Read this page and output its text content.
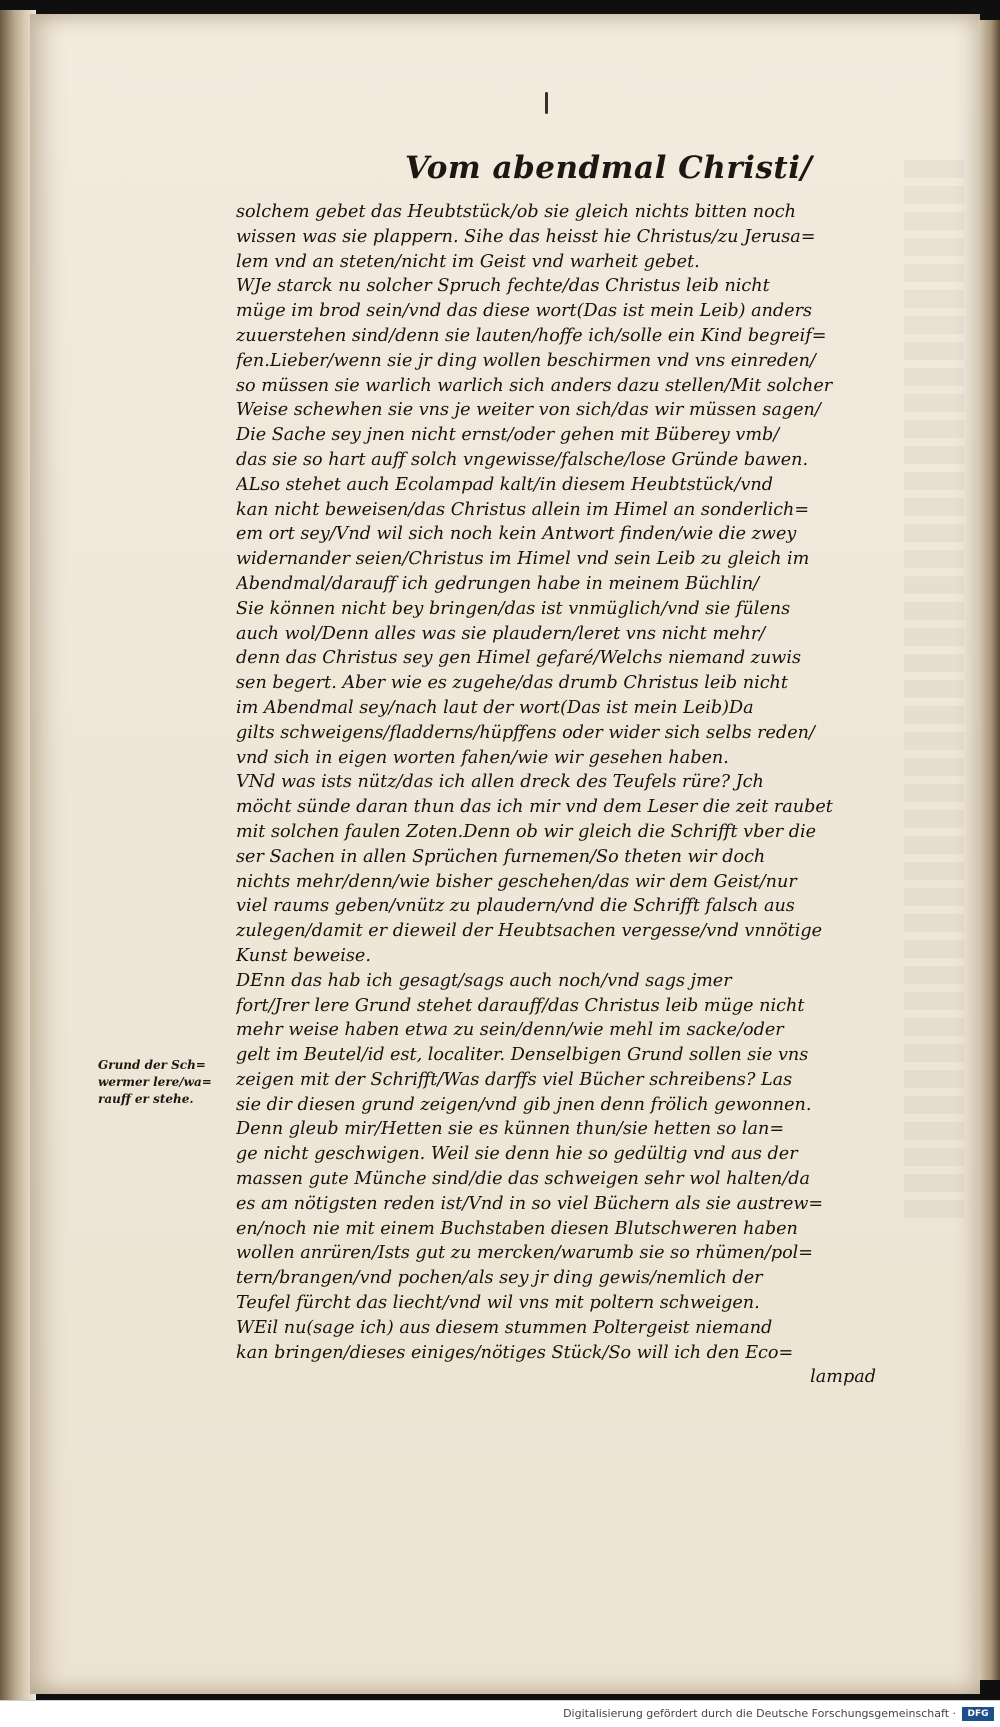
Vom abendmal Christi/
solchem gebet das Heubtstück/ob sie gleich nichts bitten noch
wissen was sie plappern. Sihe das heisst hie Christus/zu Jerusa=
lem vnd an steten/nicht im Geist vnd warheit gebet.
WJe starck nu solcher Spruch fechte/das Christus leib nicht
müge im brod sein/vnd das diese wort(Das ist mein Leib) anders
zuuerstehen sind/denn sie lauten/hoffe ich/solle ein Kind begreif=
fen.Lieber/wenn sie jr ding wollen beschirmen vnd vns einreden/
so müssen sie warlich warlich sich anders dazu stellen/Mit solcher
Weise schewhen sie vns je weiter von sich/das wir müssen sagen/
Die Sache sey jnen nicht ernst/oder gehen mit Büberey vmb/
das sie so hart auff solch vngewisse/falsche/lose Gründe bawen.
ALso stehet auch Ecolampad kalt/in diesem Heubtstück/vnd
kan nicht beweisen/das Christus allein im Himel an sonderlich=
em ort sey/Vnd wil sich noch kein Antwort finden/wie die zwey
widernander seien/Christus im Himel vnd sein Leib zu gleich im
Abendmal/darauff ich gedrungen habe in meinem Büchlin/
Sie können nicht bey bringen/das ist vnmüglich/vnd sie fülens
auch wol/Denn alles was sie plaudern/leret vns nicht mehr/
denn das Christus sey gen Himel gefaré/Welchs niemand zuwis
sen begert. Aber wie es zugehe/das drumb Christus leib nicht
im Abendmal sey/nach laut der wort(Das ist mein Leib)Da
gilts schweigens/fladderns/hüpffens oder wider sich selbs reden/
vnd sich in eigen worten fahen/wie wir gesehen haben.
VNd was ists nütz/das ich allen dreck des Teufels rüre? Jch
möcht sünde daran thun das ich mir vnd dem Leser die zeit raubet
mit solchen faulen Zoten.Denn ob wir gleich die Schrifft vber die
ser Sachen in allen Sprüchen furnemen/So theten wir doch
nichts mehr/denn/wie bisher geschehen/das wir dem Geist/nur
viel raums geben/vnütz zu plaudern/vnd die Schrifft falsch aus
zulegen/damit er dieweil der Heubtsachen vergesse/vnd vnnötige
Kunst beweise.
DEnn das hab ich gesagt/sags auch noch/vnd sags jmer
fort/Jrer lere Grund stehet darauff/das Christus leib müge nicht
mehr weise haben etwa zu sein/denn/wie mehl im sacke/oder
gelt im Beutel/id est, localiter. Denselbigen Grund sollen sie vns
zeigen mit der Schrifft/Was darffs viel Bücher schreibens? Las
sie dir diesen grund zeigen/vnd gib jnen denn frölich gewonnen.
Denn gleub mir/Hetten sie es künnen thun/sie hetten so lan=
ge nicht geschwigen. Weil sie denn hie so gedültig vnd aus der
massen gute Münche sind/die das schweigen sehr wol halten/da
es am nötigsten reden ist/Vnd in so viel Büchern als sie austrew=
en/noch nie mit einem Buchstaben diesen Blutschweren haben
wollen anrüren/Ists gut zu mercken/warumb sie so rhümen/pol=
tern/brangen/vnd pochen/als sey jr ding gewis/nemlich der
Teufel fürcht das liecht/vnd wil vns mit poltern schweigen.
WEil nu(sage ich) aus diesem stummen Poltergeist niemand
kan bringen/dieses einiges/nötiges Stück/So will ich den Eco=
lampad
Grund der Sch=
wermer lere/wa=
rauff er stehe.
Digitalisierung gefördert durch die Deutsche Forschungsgemeinschaft ·	DFG
